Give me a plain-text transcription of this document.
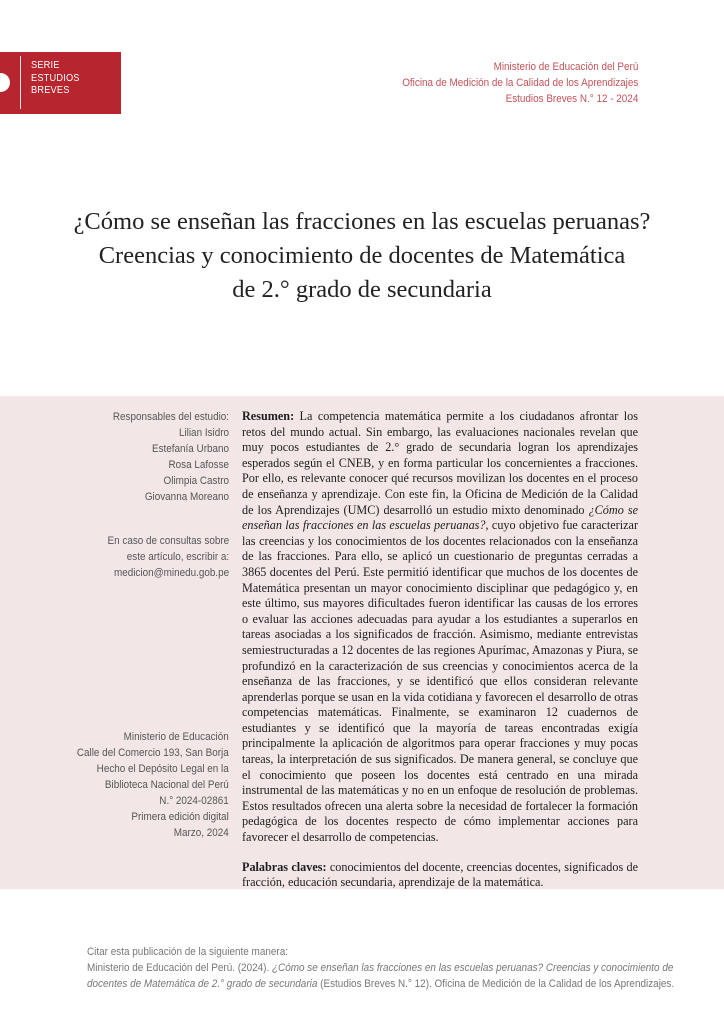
SERIE
ESTUDIOS
BREVES
Ministerio de Educación del Perú
Oficina de Medición de la Calidad de los Aprendizajes
Estudios Breves N.° 12 - 2024
¿Cómo se enseñan las fracciones en las escuelas peruanas?
Creencias y conocimiento de docentes de Matemática
de 2.° grado de secundaria
Responsables del estudio:
Lilian Isidro
Estefanía Urbano
Rosa Lafosse
Olimpia Castro
Giovanna Moreano
En caso de consultas sobre
este artículo, escribir a:
medicion@minedu.gob.pe
Ministerio de Educación
Calle del Comercio 193, San Borja
Hecho el Depósito Legal en la
Biblioteca Nacional del Perú
N.° 2024-02861
Primera edición digital
Marzo, 2024

Resumen: La competencia matemática permite a los ciudadanos afrontar los retos del mundo actual. Sin embargo, las evaluaciones nacionales revelan que muy pocos estudiantes de 2.° grado de secundaria logran los aprendizajes esperados según el CNEB, y en forma particular los concernientes a fracciones. Por ello, es relevante conocer qué recursos movilizan los docentes en el proceso de enseñanza y aprendizaje. Con este fin, la Oficina de Medición de la Calidad de los Aprendizajes (UMC) desarrolló un estudio mixto denominado ¿Cómo se enseñan las fracciones en las escuelas peruanas?, cuyo objetivo fue caracterizar las creencias y los conocimientos de los docentes relacionados con la enseñanza de las fracciones. Para ello, se aplicó un cuestionario de preguntas cerradas a 3865 docentes del Perú. Este permitió identificar que muchos de los docentes de Matemática presentan un mayor conocimiento disciplinar que pedagógico y, en este último, sus mayores dificultades fueron identificar las causas de los errores o evaluar las acciones adecuadas para ayudar a los estudiantes a superarlos en tareas asociadas a los significados de fracción. Asimismo, mediante entrevistas semiestructuradas a 12 docentes de las regiones Apurímac, Amazonas y Piura, se profundizó en la caracterización de sus creencias y conocimientos acerca de la enseñanza de las fracciones, y se identificó que ellos consideran relevante aprenderlas porque se usan en la vida cotidiana y favorecen el desarrollo de otras competencias matemáticas. Finalmente, se examinaron 12 cuadernos de estudiantes y se identificó que la mayoría de tareas encontradas exigía principalmente la aplicación de algoritmos para operar fracciones y muy pocas tareas, la interpretación de sus significados. De manera general, se concluye que el conocimiento que poseen los docentes está centrado en una mirada instrumental de las matemáticas y no en un enfoque de resolución de problemas. Estos resultados ofrecen una alerta sobre la necesidad de fortalecer la formación pedagógica de los docentes respecto de cómo implementar acciones para favorecer el desarrollo de competencias.

Palabras claves: conocimientos del docente, creencias docentes, significados de fracción, educación secundaria, aprendizaje de la matemática.

Citar esta publicación de la siguiente manera:
Ministerio de Educación del Perú. (2024). ¿Cómo se enseñan las fracciones en las escuelas peruanas? Creencias y conocimiento de
docentes de Matemática de 2.° grado de secundaria (Estudios Breves N.° 12). Oficina de Medición de la Calidad de los Aprendizajes.
